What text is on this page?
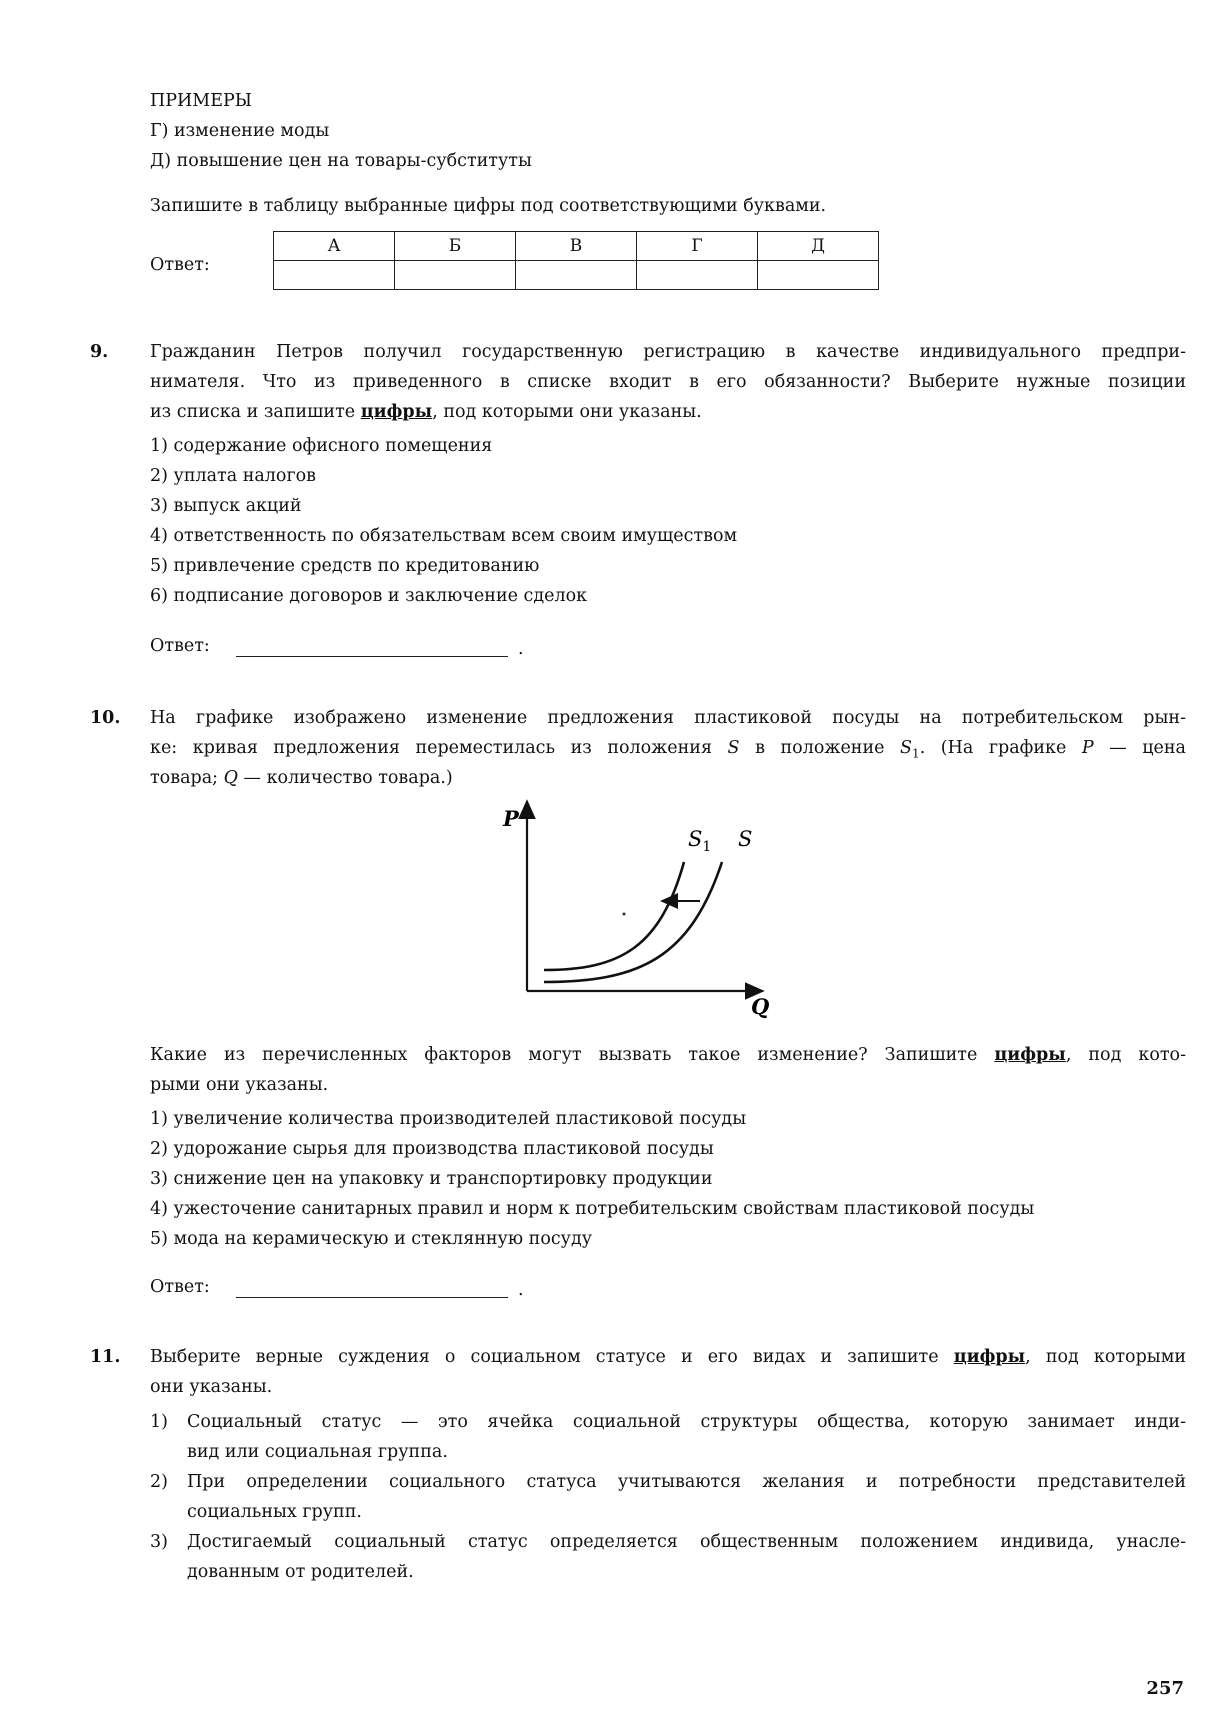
ПРИМЕРЫ
Г) изменение моды
Д) повышение цен на товары-субституты
Запишите в таблицу выбранные цифры под соответствующими буквами.
Ответ:
А	Б	В	Г	Д

9. Гражданин Петров получил государственную регистрацию в качестве индивидуального предпри-
нимателя. Что из приведенного в списке входит в его обязанности? Выберите нужные позиции
из списка и запишите цифры, под которыми они указаны.
1) содержание офисного помещения
2) уплата налогов
3) выпуск акций
4) ответственность по обязательствам всем своим имуществом
5) привлечение средств по кредитованию
6) подписание договоров и заключение сделок
Ответ:	.
10. На графике изображено изменение предложения пластиковой посуды на потребительском рын-
ке: кривая предложения переместилась из положения S в положение $S_1$. (На графике P — цена
товара; Q — количество товара.)
P
Q
$S_1$ S
Какие из перечисленных факторов могут вызвать такое изменение? Запишите цифры, под кото-
рыми они указаны.
1) увеличение количества производителей пластиковой посуды
2) удорожание сырья для производства пластиковой посуды
3) снижение цен на упаковку и транспортировку продукции
4) ужесточение санитарных правил и норм к потребительским свойствам пластиковой посуды
5) мода на керамическую и стеклянную посуду
Ответ:	.
11. Выберите верные суждения о социальном статусе и его видах и запишите цифры, под которыми
они указаны.
1) Социальный статус — это ячейка социальной структуры общества, которую занимает инди-
вид или социальная группа.
2) При определении социального статуса учитываются желания и потребности представителей
социальных групп.
3) Достигаемый социальный статус определяется общественным положением индивида, унасле-
дованным от родителей.
257
